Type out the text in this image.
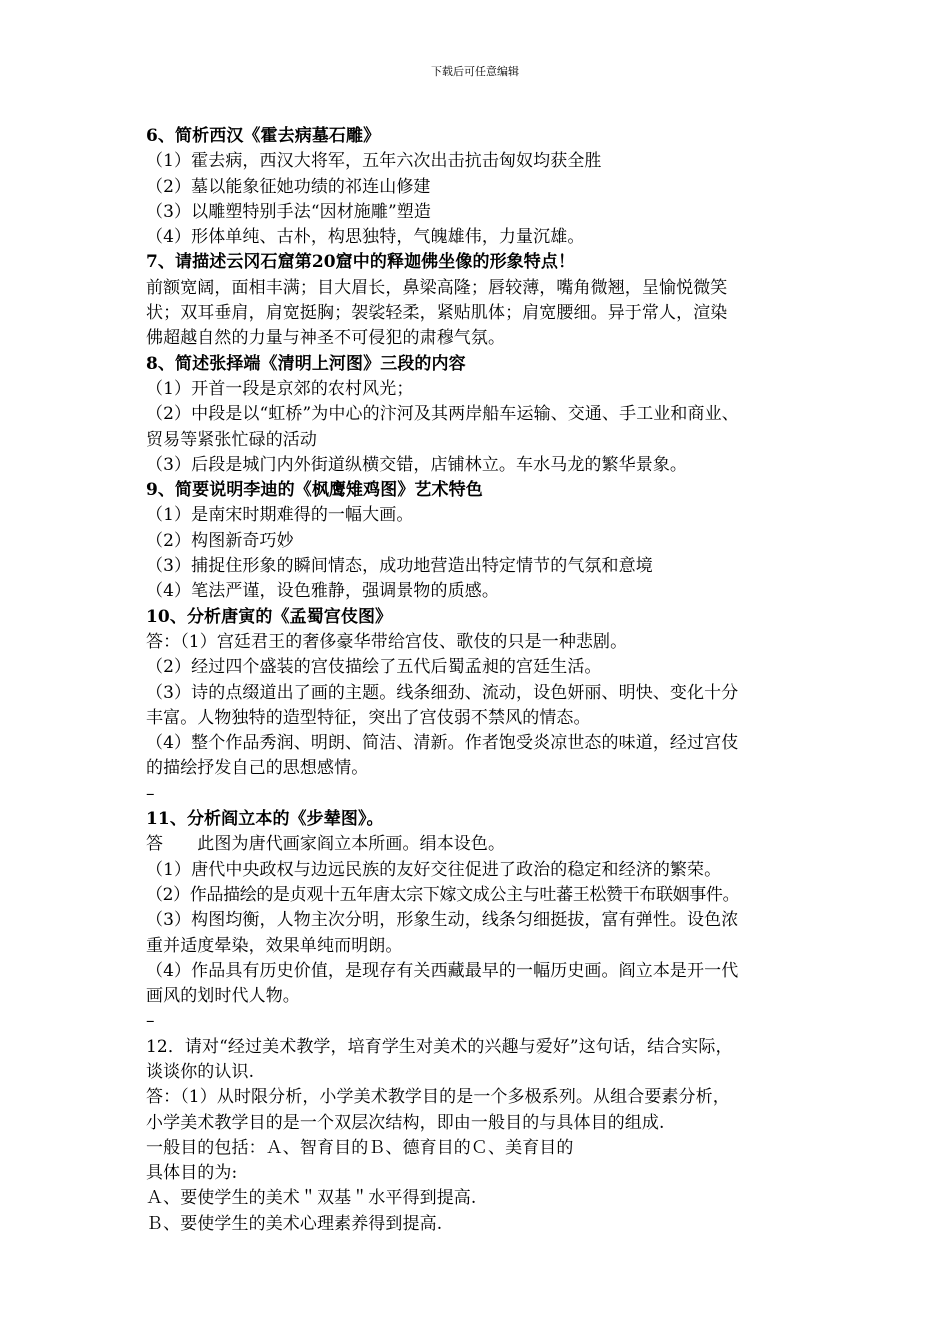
下载后可任意编辑
6、简析西汉《霍去病墓石雕》
（1）霍去病，西汉大将军，五年六次出击抗击匈奴均获全胜
（2）墓以能象征她功绩的祁连山修建
（3）以雕塑特别手法“因材施雕”塑造
（4）形体单纯、古朴，构思独特，气魄雄伟，力量沉雄。
7、请描述云冈石窟第20窟中的释迦佛坐像的形象特点！
前额宽阔，面相丰满；目大眉长，鼻梁高隆；唇较薄，嘴角微翘，呈愉悦微笑
状；双耳垂肩，肩宽挺胸；袈裟轻柔，紧贴肌体；肩宽腰细。异于常人，渲染
佛超越自然的力量与神圣不可侵犯的肃穆气氛。
8、简述张择端《清明上河图》三段的内容
（1）开首一段是京郊的农村风光；
（2）中段是以“虹桥”为中心的汴河及其两岸船车运输、交通、手工业和商业、
贸易等紧张忙碌的活动
（3）后段是城门内外街道纵横交错，店铺林立。车水马龙的繁华景象。
9、简要说明李迪的《枫鹰雉鸡图》艺术特色
（1）是南宋时期难得的一幅大画。
（2）构图新奇巧妙
（3）捕捉住形象的瞬间情态，成功地营造出特定情节的气氛和意境
（4）笔法严谨，设色雅静，强调景物的质感。
10、分析唐寅的《孟蜀宫伎图》
答：（1）宫廷君王的奢侈豪华带给宫伎、歌伎的只是一种悲剧。
（2）经过四个盛装的宫伎描绘了五代后蜀孟昶的宫廷生活。
（3）诗的点缀道出了画的主题。线条细劲、流动，设色妍丽、明快、变化十分
丰富。人物独特的造型特征，突出了宫伎弱不禁风的情态。
（4）整个作品秀润、明朗、简洁、清新。作者饱受炎凉世态的味道，经过宫伎
的描绘抒发自己的思想感情。
–
11、分析阎立本的《步辇图》。
答　　此图为唐代画家阎立本所画。绢本设色。
（1）唐代中央政权与边远民族的友好交往促进了政治的稳定和经济的繁荣。
（2）作品描绘的是贞观十五年唐太宗下嫁文成公主与吐蕃王松赞干布联姻事件。
（3）构图均衡，人物主次分明，形象生动，线条匀细挺拔，富有弹性。设色浓
重并适度晕染，效果单纯而明朗。
（4）作品具有历史价值，是现存有关西藏最早的一幅历史画。阎立本是开一代
画风的划时代人物。
–
12．请对“经过美术教学，培育学生对美术的兴趣与爱好”这句话，结合实际，
谈谈你的认识.
答：（1）从时限分析，小学美术教学目的是一个多极系列。从组合要素分析，
小学美术教学目的是一个双层次结构，即由一般目的与具体目的组成.
一般目的包括：Ａ、智育目的Ｂ、德育目的Ｃ、美育目的
具体目的为:
Ａ、要使学生的美术＂双基＂水平得到提高.
Ｂ、要使学生的美术心理素养得到提高.
